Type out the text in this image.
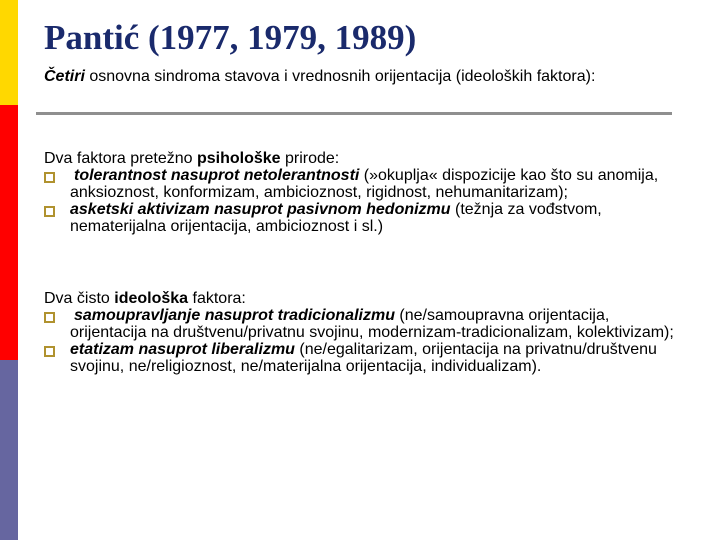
Pantić (1977, 1979, 1989)
Četiri osnovna sindroma stavova i vrednosnih orijentacija (ideoloških faktora):
Dva faktora pretežno psihološke prirode:
tolerantnost nasuprot netolerantnosti (»okuplja« dispozicije kao što su anomija, anksioznost, konformizam, ambicioznost, rigidnost, nehumanitarizam);
asketski aktivizam nasuprot pasivnom hedonizmu (težnja za vođstvom, nematerijalna orijentacija, ambicioznost i sl.)
Dva čisto ideološka faktora:
samoupravljanje nasuprot tradicionalizmu (ne/samoupravna orijentacija, orijentacija na društvenu/privatnu svojinu, modernizam-tradicionalizam, kolektivizam);
etatizam nasuprot liberalizmu (ne/egalitarizam, orijentacija na privatnu/društvenu svojinu, ne/religioznost, ne/materijalna orijentacija, individualizam).
